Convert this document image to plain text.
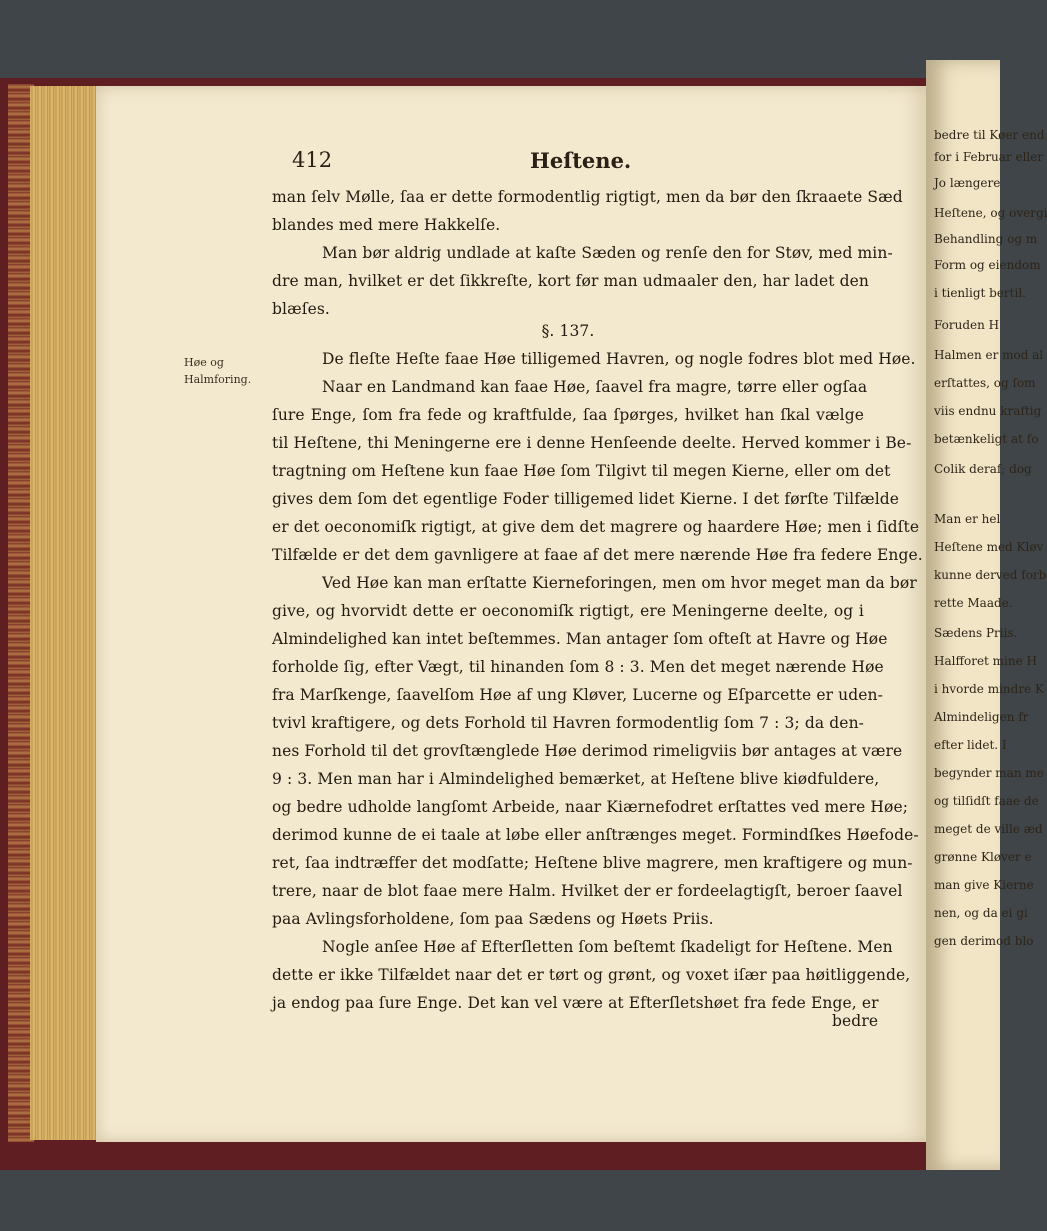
412	Heſtene.
Høe og
Halmforing.
man ſelv Mølle, ſaa er dette formodentlig rigtigt, men da bør den ſkraaete Sæd
blandes med mere Hakkelſe.
Man bør aldrig undlade at kaſte Sæden og renſe den for Støv, med min-
dre man, hvilket er det ſikkreſte, kort før man udmaaler den, har ladet den
blæſes.
De fleſte Heſte faae Høe tilligemed Havren, og nogle fodres blot med Høe.
Naar en Landmand kan faae Høe, ſaavel fra magre, tørre eller ogſaa
ſure Enge, ſom fra fede og kraftfulde, ſaa ſpørges, hvilket han ſkal vælge
til Heſtene, thi Meningerne ere i denne Henſeende deelte. Herved kommer i Be-
tragtning om Heſtene kun faae Høe ſom Tilgivt til megen Kierne, eller om det
gives dem ſom det egentlige Foder tilligemed lidet Kierne. I det førſte Tilfælde
er det oeconomiſk rigtigt, at give dem det magrere og haardere Høe; men i ſidſte
Tilfælde er det dem gavnligere at faae af det mere nærende Høe fra federe Enge.
Ved Høe kan man erſtatte Kierneforingen, men om hvor meget man da bør
give, og hvorvidt dette er oeconomiſk rigtigt, ere Meningerne deelte, og i
Almindelighed kan intet beſtemmes. Man antager ſom ofteſt at Havre og Høe
forholde ſig, efter Vægt, til hinanden ſom 8 : 3. Men det meget nærende Høe
fra Marſkenge, ſaavelſom Høe af ung Kløver, Lucerne og Eſparcette er uden-
tvivl kraftigere, og dets Forhold til Havren formodentlig ſom 7 : 3; da den-
nes Forhold til det grovſtænglede Høe derimod rimeligviis bør antages at være
9 : 3. Men man har i Almindelighed bemærket, at Heſtene blive kiødfuldere,
og bedre udholde langſomt Arbeide, naar Kiærnefodret erſtattes ved mere Høe;
derimod kunne de ei taale at løbe eller anſtrænges meget. Formindſkes Høefode-
ret, ſaa indtræffer det modſatte; Heſtene blive magrere, men kraftigere og mun-
trere, naar de blot faae mere Halm. Hvilket der er fordeelagtigſt, beroer ſaavel
paa Avlingsforholdene, ſom paa Sædens og Høets Priis.
Nogle anſee Høe af Efterſletten ſom beſtemt ſkadeligt for Heſtene. Men
dette er ikke Tilfældet naar det er tørt og grønt, og voxet iſær paa høitliggende,
ja endog paa ſure Enge. Det kan vel være at Efterſletshøet fra fede Enge, er
§. 137.
bedre
bedre til Køer end
for i Februar eller
Jo længere
Heſtene, og overgi
Behandling og m
Form og eiendom
i tienligt bertil.
Foruden H
Halmen er mod al
erſtattes, og ſom
viis endnu kraftig
betænkeligt at fo
Colik deraf; dog
Man er hel
Heſtene med Kløv
kunne derved forb
rette Maade.
Sædens Priis.
Halfforet mine H
i hvorde mindre K
Almindeligen fr
efter lidet. I
begynder man me
og tilſidſt faae de
meget de ville æd
grønne Kløver e
man give Kierne
nen, og da ei gi
gen derimod blo
